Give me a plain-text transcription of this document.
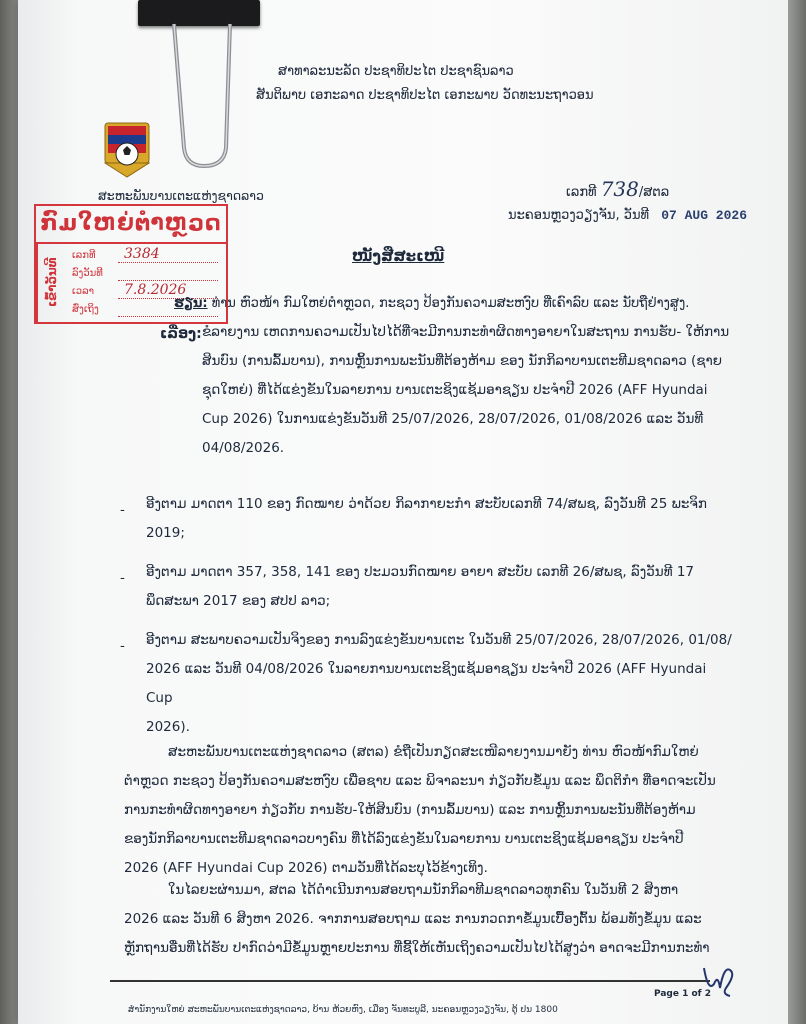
ສາທາລະນະລັດ ປະຊາທິປະໄຕ ປະຊາຊົນລາວ
ສັນຕິພາບ ເອກະລາດ ປະຊາທິປະໄຕ ເອກະພາບ ວັດທະນະຖາວອນ
ສະຫະພັນບານເຕະແຫ່ງຊາດລາວ	ເລກທີ 738/ສຕລ
ນະຄອນຫຼວງວຽງຈັນ, ວັນທີ 07 AUG 2026
ກົມໃຫຍ່ຕຳຫຼວດ
ເຂົ້າວັນທີ
ເລກທີ 3384
ລົງວັນທີ
ເວລາ 7.8.2026
ສົ່ງເຖິງ
ໜັງສືສະເໜີ
ຮຽນ: ທ່ານ ຫົວໜ້າ ກົມໃຫຍ່ຕຳຫຼວດ, ກະຊວງ ປ້ອງກັນຄວາມສະຫງົບ ທີ່ເຄົາລົບ ແລະ ນັບຖືຢ່າງສູງ.
ເລື່ອງ: ຂໍລາຍງານ ເຫດການຄວາມເປັນໄປໄດ້ທີ່ຈະມີການກະທຳຜິດທາງອາຍາໃນສະຖານ ການຮັບ- ໃຫ້ການ
ສິນບົນ (ການລົ້ມບານ), ການຫຼິ້ນການພະນັນທີ່ຕ້ອງຫ້າມ ຂອງ ນັກກິລາບານເຕະທີມຊາດລາວ (ຊາຍ
ຊຸດໃຫຍ່) ທີ່ໄດ້ແຂ່ງຂັນໃນລາຍການ ບານເຕະຊິງແຊ້ມອາຊຽນ ປະຈຳປີ 2026 (AFF Hyundai
Cup 2026) ໃນການແຂ່ງຂັນວັນທີ 25/07/2026, 28/07/2026, 01/08/2026 ແລະ ວັນທີ
04/08/2026.
- ອີງຕາມ ມາດຕາ 110 ຂອງ ກົດໝາຍ ວ່າດ້ວຍ ກິລາກາຍະກຳ ສະບັບເລກທີ 74/ສພຊ, ລົງວັນທີ 25 ພະຈິກ
2019;
- ອີງຕາມ ມາດຕາ 357, 358, 141 ຂອງ ປະມວນກົດໝາຍ ອາຍາ ສະບັບ ເລກທີ 26/ສພຊ, ລົງວັນທີ 17
ພຶດສະພາ 2017 ຂອງ ສປປ ລາວ;
- ອີງຕາມ ສະພາບຄວາມເປັນຈິງຂອງ ການລົງແຂ່ງຂັນບານເຕະ ໃນວັນທີ 25/07/2026, 28/07/2026, 01/08/
2026 ແລະ ວັນທີ 04/08/2026 ໃນລາຍການບານເຕະຊິງແຊ້ມອາຊຽນ ປະຈຳປີ 2026 (AFF Hyundai Cup
2026).
ສະຫະພັນບານເຕະແຫ່ງຊາດລາວ (ສຕລ) ຂໍຖືເປັນກຽດສະເໜີລາຍງານມາຍັງ ທ່ານ ຫົວໜ້າກົມໃຫຍ່
ຕຳຫຼວດ ກະຊວງ ປ້ອງກັນຄວາມສະຫງົບ ເພື່ອຊາບ ແລະ ພິຈາລະນາ ກ່ຽວກັບຂໍ້ມູນ ແລະ ພຶດຕິກຳ ທີ່ອາດຈະເປັນ
ການກະທຳຜິດທາງອາຍາ ກ່ຽວກັບ ການຮັບ-ໃຫ້ສິນບົນ (ການລົ້ມບານ) ແລະ ການຫຼິ້ນການພະນັນທີ່ຕ້ອງຫ້າມ
ຂອງນັກກິລາບານເຕະທີມຊາດລາວບາງຄົນ ທີ່ໄດ້ລົງແຂ່ງຂັນໃນລາຍການ ບານເຕະຊິງແຊ້ມອາຊຽນ ປະຈຳປີ
2026 (AFF Hyundai Cup 2026) ຕາມວັນທີ່ໄດ້ລະບຸໄວ້ຂ້າງເທິງ.
ໃນໄລຍະຜ່ານມາ, ສຕລ ໄດ້ດຳເນີນການສອບຖາມນັກກິລາທີມຊາດລາວທຸກຄົນ ໃນວັນທີ 2 ສິງຫາ
2026 ແລະ ວັນທີ 6 ສິງຫາ 2026. ຈາກການສອບຖາມ ແລະ ການກວດກາຂໍ້ມູນເບື້ອງຕົ້ນ ພ້ອມທັງຂໍ້ມູນ ແລະ
ຫຼັກຖານອື່ນທີ່ໄດ້ຮັບ ປາກົດວ່າມີຂໍ້ມູນຫຼາຍປະການ ທີ່ຊີ້ໃຫ້ເຫັນເຖິງຄວາມເປັນໄປໄດ້ສູງວ່າ ອາດຈະມີການກະທຳ
Page 1 of 2
ສຳນັກງານໃຫຍ່ ສະຫະພັນບານເຕະແຫ່ງຊາດລາວ, ບ້ານ ຫ້ວຍຫົງ, ເມືອງ ຈັນທະບູລີ, ນະຄອນຫຼວງວຽງຈັນ, ຕູ້ ປນ 1800
